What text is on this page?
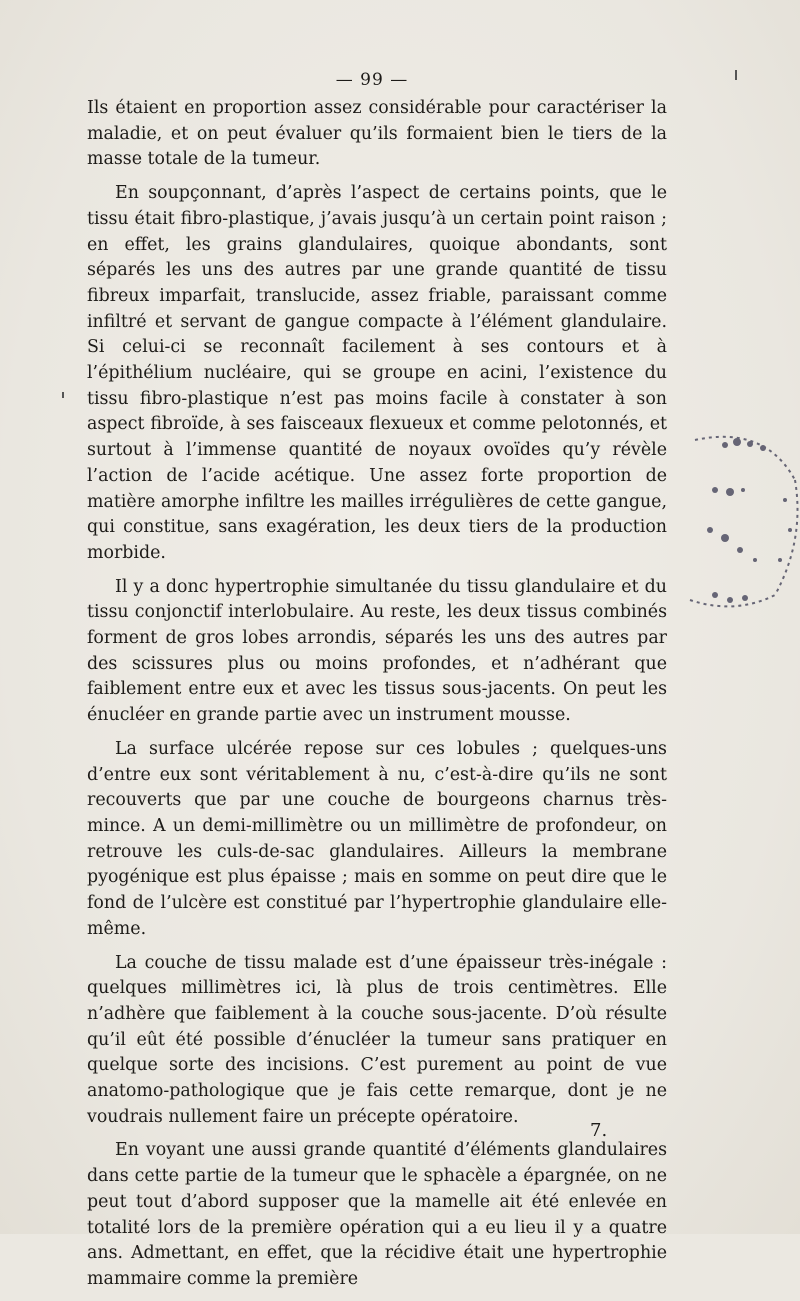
— 99 —

Ils étaient en proportion assez considérable pour caractériser la maladie, et on peut évaluer qu’ils formaient bien le tiers de la masse totale de la tumeur.

En soupçonnant, d’après l’aspect de certains points, que le tissu était fibro-plastique, j’avais jusqu’à un certain point raison ; en effet, les grains glandulaires, quoique abondants, sont séparés les uns des autres par une grande quantité de tissu fibreux imparfait, translucide, assez friable, paraissant comme infiltré et servant de gangue compacte à l’élément glandulaire. Si celui-ci se reconnaît facilement à ses contours et à l’épithélium nucléaire, qui se groupe en acini, l’existence du tissu fibro-plastique n’est pas moins facile à constater à son aspect fibroïde, à ses faisceaux flexueux et comme pelotonnés, et surtout à l’immense quantité de noyaux ovoïdes qu’y révèle l’action de l’acide acétique. Une assez forte proportion de matière amorphe infiltre les mailles irrégulières de cette gangue, qui constitue, sans exagération, les deux tiers de la production morbide.

Il y a donc hypertrophie simultanée du tissu glandulaire et du tissu conjonctif interlobulaire. Au reste, les deux tissus combinés forment de gros lobes arrondis, séparés les uns des autres par des scissures plus ou moins profondes, et n’adhérant que faiblement entre eux et avec les tissus sous-jacents. On peut les énucléer en grande partie avec un instrument mousse.

La surface ulcérée repose sur ces lobules ; quelques-uns d’entre eux sont véritablement à nu, c’est-à-dire qu’ils ne sont recouverts que par une couche de bourgeons charnus très-mince. A un demi-millimètre ou un millimètre de profondeur, on retrouve les culs-de-sac glandulaires. Ailleurs la membrane pyogénique est plus épaisse ; mais en somme on peut dire que le fond de l’ulcère est constitué par l’hypertrophie glandulaire elle-même.

La couche de tissu malade est d’une épaisseur très-inégale : quelques millimètres ici, là plus de trois centimètres. Elle n’adhère que faiblement à la couche sous-jacente. D’où résulte qu’il eût été possible d’énucléer la tumeur sans pratiquer en quelque sorte des incisions. C’est purement au point de vue anatomo-pathologique que je fais cette remarque, dont je ne voudrais nullement faire un précepte opératoire.

En voyant une aussi grande quantité d’éléments glandulaires dans cette partie de la tumeur que le sphacèle a épargnée, on ne peut tout d’abord supposer que la mamelle ait été enlevée en totalité lors de la première opération qui a eu lieu il y a quatre ans. Admettant, en effet, que la récidive était une hypertrophie mammaire comme la première

7.
